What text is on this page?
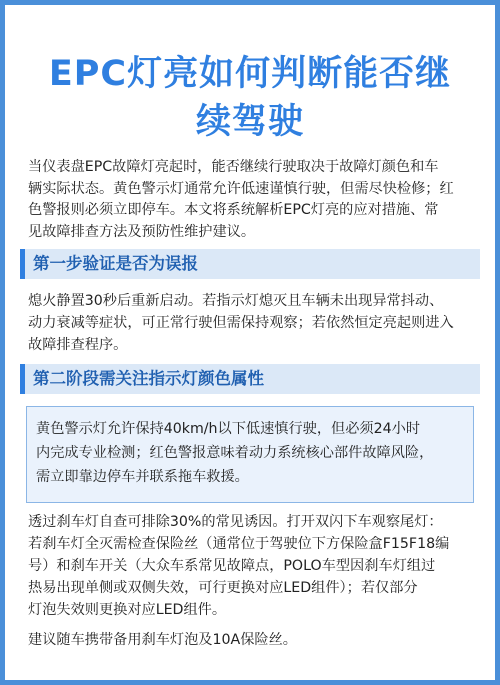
EPC灯亮如何判断能否继
续驾驶
当仪表盘EPC故障灯亮起时，能否继续行驶取决于故障灯颜色和车
辆实际状态。黄色警示灯通常允许低速谨慎行驶，但需尽快检修；红
色警报则必须立即停车。本文将系统解析EPC灯亮的应对措施、常
见故障排查方法及预防性维护建议。
第一步验证是否为误报
熄火静置30秒后重新启动。若指示灯熄灭且车辆未出现异常抖动、
动力衰减等症状，可正常行驶但需保持观察；若依然恒定亮起则进入
故障排查程序。
第二阶段需关注指示灯颜色属性
黄色警示灯允许保持40km/h以下低速慎行驶，但必须24小时
内完成专业检测；红色警报意味着动力系统核心部件故障风险，
需立即靠边停车并联系拖车救援。
透过刹车灯自查可排除30%的常见诱因。打开双闪下车观察尾灯：
若刹车灯全灭需检查保险丝（通常位于驾驶位下方保险盒F15F18编
号）和刹车开关（大众车系常见故障点，POLO车型因刹车灯组过
热易出现单侧或双侧失效，可行更换对应LED组件）；若仅部分
灯泡失效则更换对应LED组件。
建议随车携带备用刹车灯泡及10A保险丝。
